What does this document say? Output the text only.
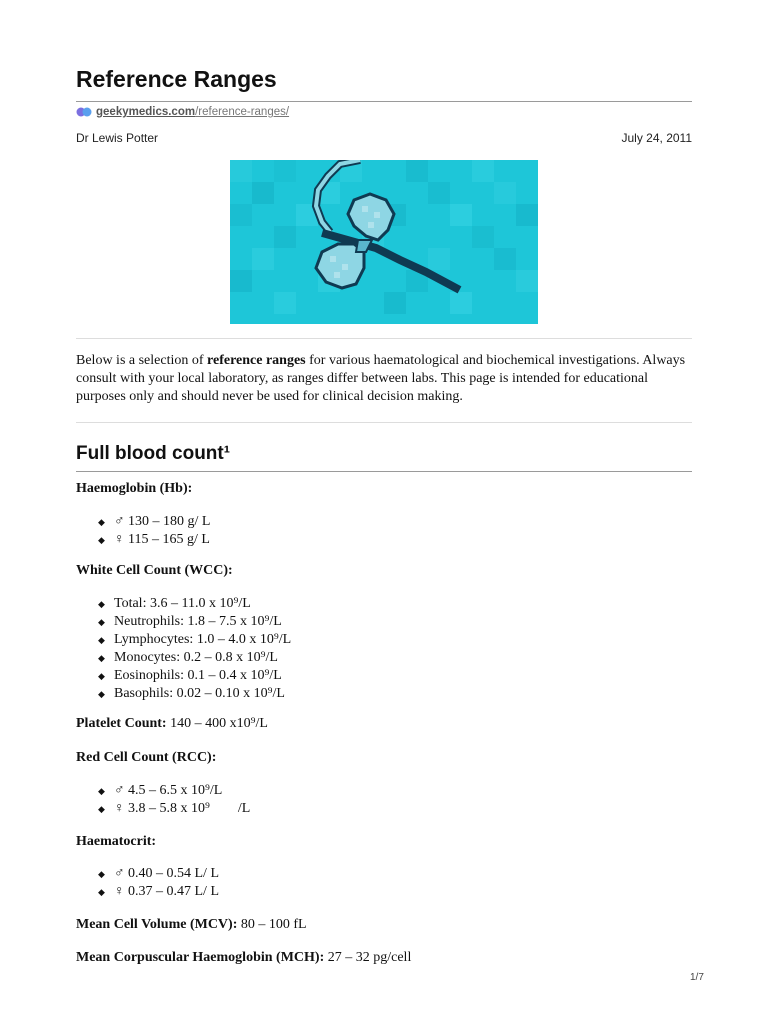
Reference Ranges
geekymedics.com /reference-ranges/
Dr Lewis Potter	July 24, 2011

Below is a selection of reference ranges for various haematological and biochemical investigations. Always consult with your local laboratory, as ranges differ between labs. This page is intended for educational purposes only and should never be used for clinical decision making.

Full blood count¹

Haemoglobin (Hb):

◆ ♂ 130 – 180 g/ L
◆ ♀ 115 – 165 g/ L

White Cell Count (WCC):

◆ Total: 3.6 – 11.0 x 10⁹/L
◆ Neutrophils: 1.8 – 7.5 x 10⁹/L
◆ Lymphocytes: 1.0 – 4.0 x 10⁹/L
◆ Monocytes: 0.2 – 0.8 x 10⁹/L
◆ Eosinophils: 0.1 – 0.4 x 10⁹/L
◆ Basophils: 0.02 – 0.10 x 10⁹/L

Platelet Count: 140 – 400 x10⁹/L

Red Cell Count (RCC):

◆ ♂ 4.5 – 6.5 x 10⁹/L
◆ ♀ 3.8 – 5.8 x 10⁹        /L

Haematocrit:

◆ ♂ 0.40 – 0.54 L/ L
◆ ♀ 0.37 – 0.47 L/ L

Mean Cell Volume (MCV): 80 – 100 fL

Mean Corpuscular Haemoglobin (MCH): 27 – 32 pg/cell

1/7
